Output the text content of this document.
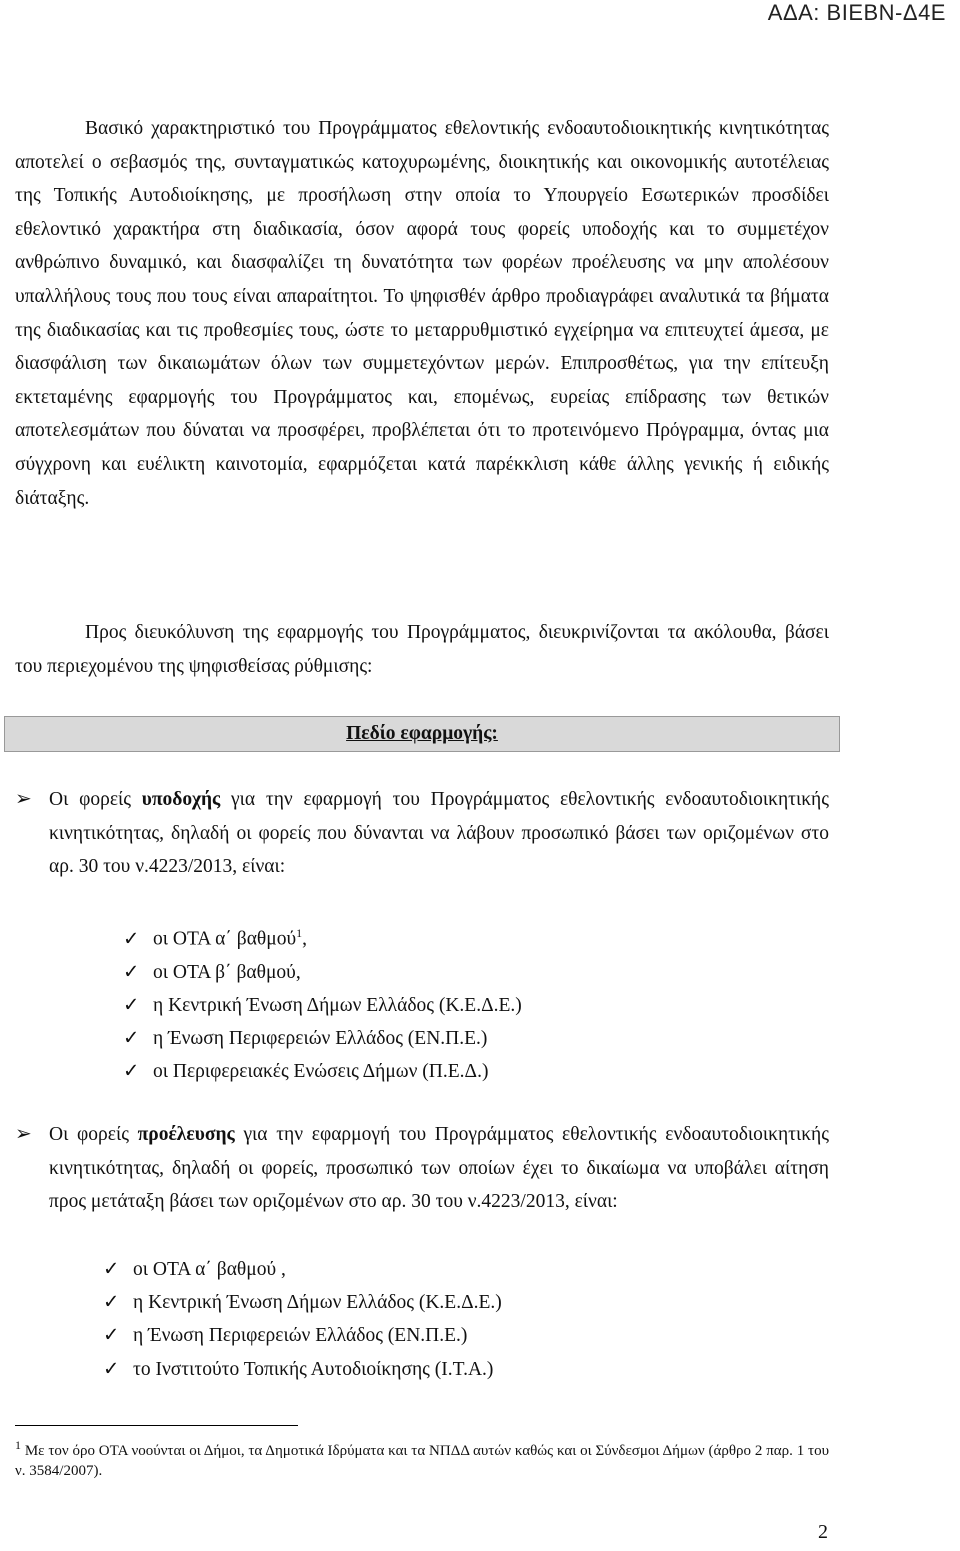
ΑΔΑ: ΒΙΕΒΝ-Δ4Ε
Βασικό χαρακτηριστικό του Προγράμματος εθελοντικής ενδοαυτοδιοικητικής κινητικότητας αποτελεί ο σεβασμός της, συνταγματικώς κατοχυρωμένης, διοικητικής και οικονομικής αυτοτέλειας της Τοπικής Αυτοδιοίκησης, με προσήλωση στην οποία το Υπουργείο Εσωτερικών προσδίδει εθελοντικό χαρακτήρα στη διαδικασία, όσον αφορά τους φορείς υποδοχής και το συμμετέχον ανθρώπινο δυναμικό, και διασφαλίζει τη δυνατότητα των φορέων προέλευσης να μην απολέσουν υπαλλήλους τους που τους είναι απαραίτητοι. Το ψηφισθέν άρθρο προδιαγράφει αναλυτικά τα βήματα της διαδικασίας και τις προθεσμίες τους, ώστε το μεταρρυθμιστικό εγχείρημα να επιτευχτεί άμεσα, με διασφάλιση των δικαιωμάτων όλων των συμμετεχόντων μερών. Επιπροσθέτως, για την επίτευξη εκτεταμένης εφαρμογής του Προγράμματος και, επομένως, ευρείας επίδρασης των θετικών αποτελεσμάτων που δύναται να προσφέρει, προβλέπεται ότι το προτεινόμενο Πρόγραμμα, όντας μια σύγχρονη και ευέλικτη καινοτομία, εφαρμόζεται κατά παρέκκλιση κάθε άλλης γενικής ή ειδικής διάταξης.
Προς διευκόλυνση της εφαρμογής του Προγράμματος, διευκρινίζονται τα ακόλουθα, βάσει του περιεχομένου της ψηφισθείσας ρύθμισης:
Πεδίο εφαρμογής:
➢ Οι φορείς υποδοχής για την εφαρμογή του Προγράμματος εθελοντικής ενδοαυτοδιοικητικής κινητικότητας, δηλαδή οι φορείς που δύνανται να λάβουν προσωπικό βάσει των οριζομένων στο αρ. 30 του ν.4223/2013, είναι:
✓ οι ΟΤΑ α΄ βαθμού$^1$,
✓ οι ΟΤΑ β΄ βαθμού,
✓ η Κεντρική Ένωση Δήμων Ελλάδος (Κ.Ε.Δ.Ε.)
✓ η Ένωση Περιφερειών Ελλάδος (ΕΝ.Π.Ε.)
✓ οι Περιφερειακές Ενώσεις Δήμων (Π.Ε.Δ.)
➢ Οι φορείς προέλευσης για την εφαρμογή του Προγράμματος εθελοντικής ενδοαυτοδιοικητικής κινητικότητας, δηλαδή οι φορείς, προσωπικό των οποίων έχει το δικαίωμα να υποβάλει αίτηση προς μετάταξη βάσει των οριζομένων στο αρ. 30 του ν.4223/2013, είναι:
✓ οι ΟΤΑ α΄ βαθμού ,
✓ η Κεντρική Ένωση Δήμων Ελλάδος (Κ.Ε.Δ.Ε.)
✓ η Ένωση Περιφερειών Ελλάδος (ΕΝ.Π.Ε.)
✓ το Ινστιτούτο Τοπικής Αυτοδιοίκησης (Ι.Τ.Α.)
$^1$ Με τον όρο ΟΤΑ νοούνται οι Δήμοι, τα Δημοτικά Ιδρύματα και τα ΝΠΔΔ αυτών καθώς και οι Σύνδεσμοι Δήμων (άρθρο 2 παρ. 1 του ν. 3584/2007).
2
